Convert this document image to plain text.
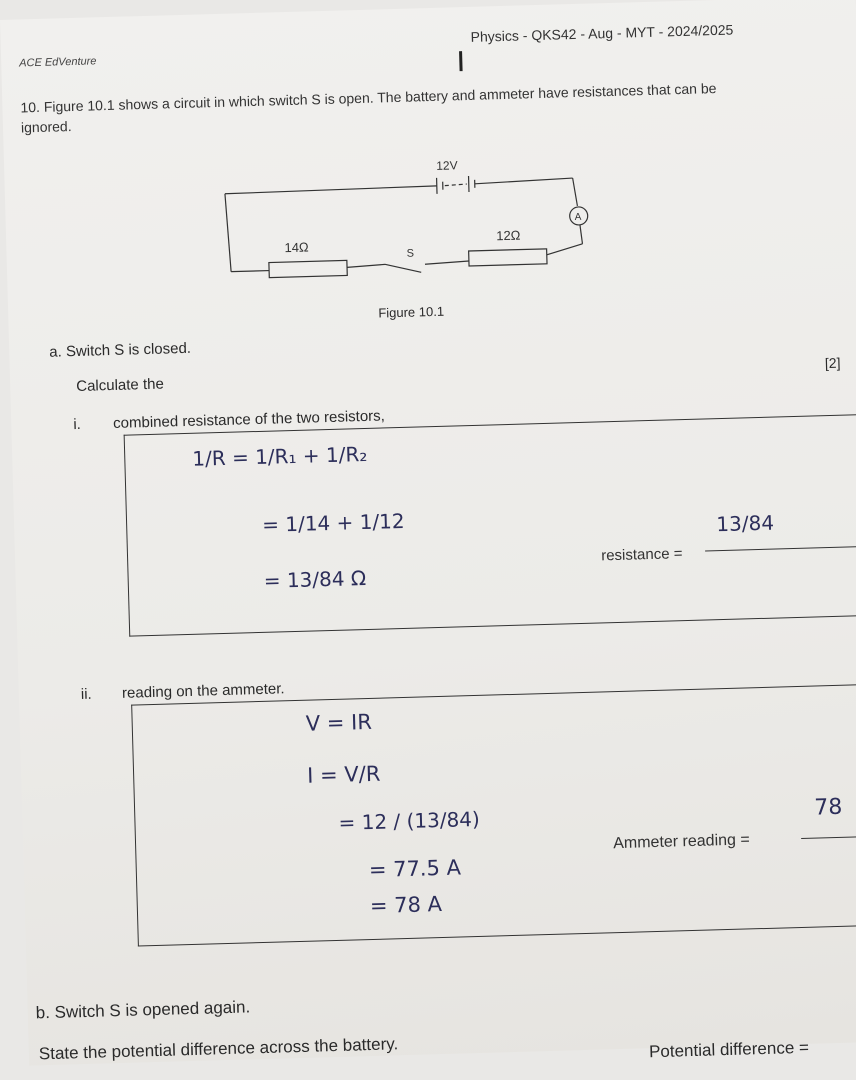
ACE EdVenture
Physics - QKS42 - Aug - MYT - 2024/2025
10. Figure 10.1 shows a circuit in which switch S is open. The battery and ammeter have resistances that can be ignored.
12V
A
14Ω
12Ω
S
Figure 10.1
a. Switch S is closed.
Calculate the
[2]
i. combined resistance of the two resistors,
1/R = 1/R₁ + 1/R₂
= 1/14 + 1/12
= 13/84 Ω
resistance =
13/84
ii. reading on the ammeter.
V = IR
I = V/R
= 12 / (13/84)
= 77.5 A
= 78 A
Ammeter reading =
78
b. Switch S is opened again.
State the potential difference across the battery.	Potential difference =
